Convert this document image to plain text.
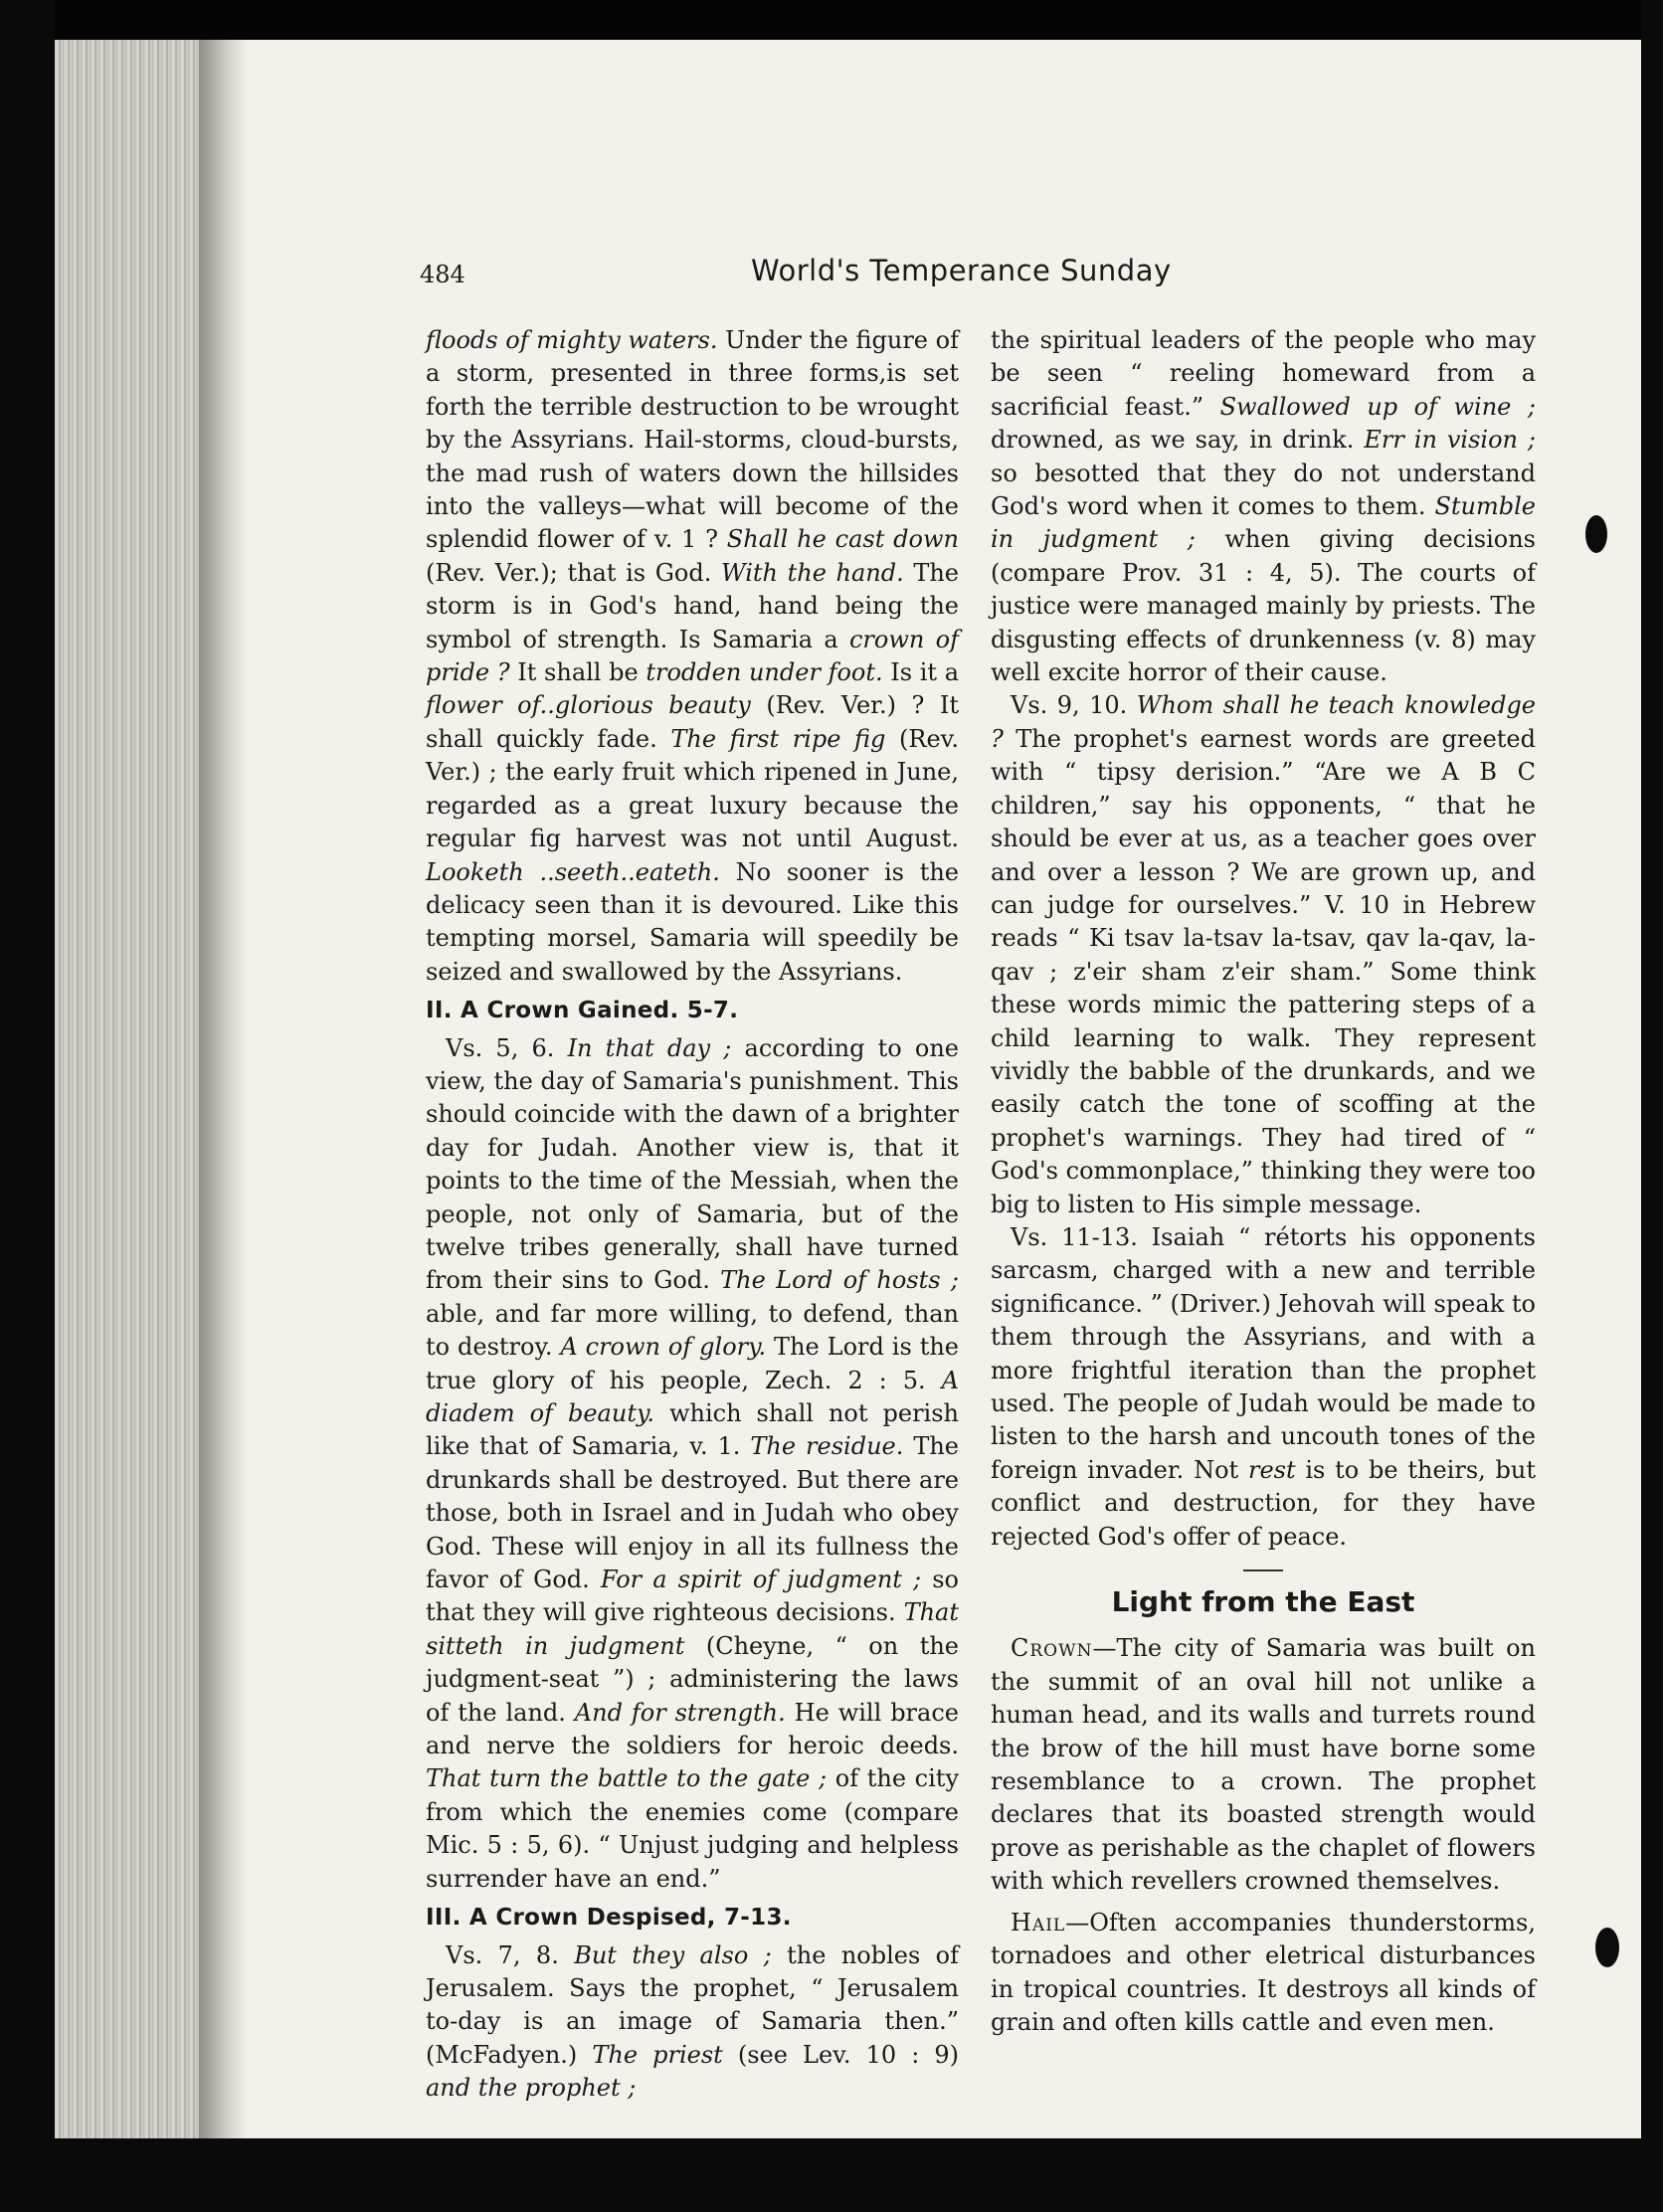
484	World's Temperance Sunday

floods of mighty waters. Under the figure of a storm, presented in three forms,is set forth the terrible destruction to be wrought by the Assyrians. Hail-storms, cloud-bursts, the mad rush of waters down the hillsides into the valleys—what will become of the splendid flower of v. 1 ? Shall he cast down (Rev. Ver.); that is God. With the hand. The storm is in God's hand, hand being the symbol of strength. Is Samaria a crown of pride ? It shall be trodden under foot. Is it a flower of..glorious beauty (Rev. Ver.) ? It shall quickly fade. The first ripe fig (Rev. Ver.) ; the early fruit which ripened in June, regarded as a great luxury because the regular fig harvest was not until August. Looketh ..seeth..eateth. No sooner is the delicacy seen than it is devoured. Like this tempting morsel, Samaria will speedily be seized and swallowed by the Assyrians.

II. A Crown Gained. 5-7.

Vs. 5, 6. In that day ; according to one view, the day of Samaria's punishment. This should coincide with the dawn of a brighter day for Judah. Another view is, that it points to the time of the Messiah, when the people, not only of Samaria, but of the twelve tribes generally, shall have turned from their sins to God. The Lord of hosts ; able, and far more willing, to defend, than to destroy. A crown of glory. The Lord is the true glory of his people, Zech. 2 : 5. A diadem of beauty. which shall not perish like that of Samaria, v. 1. The residue. The drunkards shall be destroyed. But there are those, both in Israel and in Judah who obey God. These will enjoy in all its fullness the favor of God. For a spirit of judgment ; so that they will give righteous decisions. That sitteth in judgment (Cheyne, “ on the judgment-seat ”) ; administering the laws of the land. And for strength. He will brace and nerve the soldiers for heroic deeds. That turn the battle to the gate ; of the city from which the enemies come (compare Mic. 5 : 5, 6). “ Unjust judging and helpless surrender have an end.”

III. A Crown Despised, 7-13.

Vs. 7, 8. But they also ; the nobles of Jerusalem. Says the prophet, “ Jerusalem to-day is an image of Samaria then.” (McFadyen.) The priest (see Lev. 10 : 9) and the prophet ;

the spiritual leaders of the people who may be seen “ reeling homeward from a sacrificial feast.” Swallowed up of wine ; drowned, as we say, in drink. Err in vision ; so besotted that they do not understand God's word when it comes to them. Stumble in judgment ; when giving decisions (compare Prov. 31 : 4, 5). The courts of justice were managed mainly by priests. The disgusting effects of drunkenness (v. 8) may well excite horror of their cause.

Vs. 9, 10. Whom shall he teach knowledge ? The prophet's earnest words are greeted with “ tipsy derision.” “Are we A B C children,” say his opponents, “ that he should be ever at us, as a teacher goes over and over a lesson ? We are grown up, and can judge for ourselves.” V. 10 in Hebrew reads “ Ki tsav la-tsav la-tsav, qav la-qav, la-qav ; z'eir sham z'eir sham.” Some think these words mimic the pattering steps of a child learning to walk. They represent vividly the babble of the drunkards, and we easily catch the tone of scoffing at the prophet's warnings. They had tired of “ God's commonplace,” thinking they were too big to listen to His simple message.

Vs. 11-13. Isaiah “ rétorts his opponents sarcasm, charged with a new and terrible significance. ” (Driver.) Jehovah will speak to them through the Assyrians, and with a more frightful iteration than the prophet used. The people of Judah would be made to listen to the harsh and uncouth tones of the foreign invader. Not rest is to be theirs, but conflict and destruction, for they have rejected God's offer of peace.

Light from the East

Crown—The city of Samaria was built on the summit of an oval hill not unlike a human head, and its walls and turrets round the brow of the hill must have borne some resemblance to a crown. The prophet declares that its boasted strength would prove as perishable as the chaplet of flowers with which revellers crowned themselves.

Hail—Often accompanies thunderstorms, tornadoes and other eletrical disturbances in tropical countries. It destroys all kinds of grain and often kills cattle and even men.
